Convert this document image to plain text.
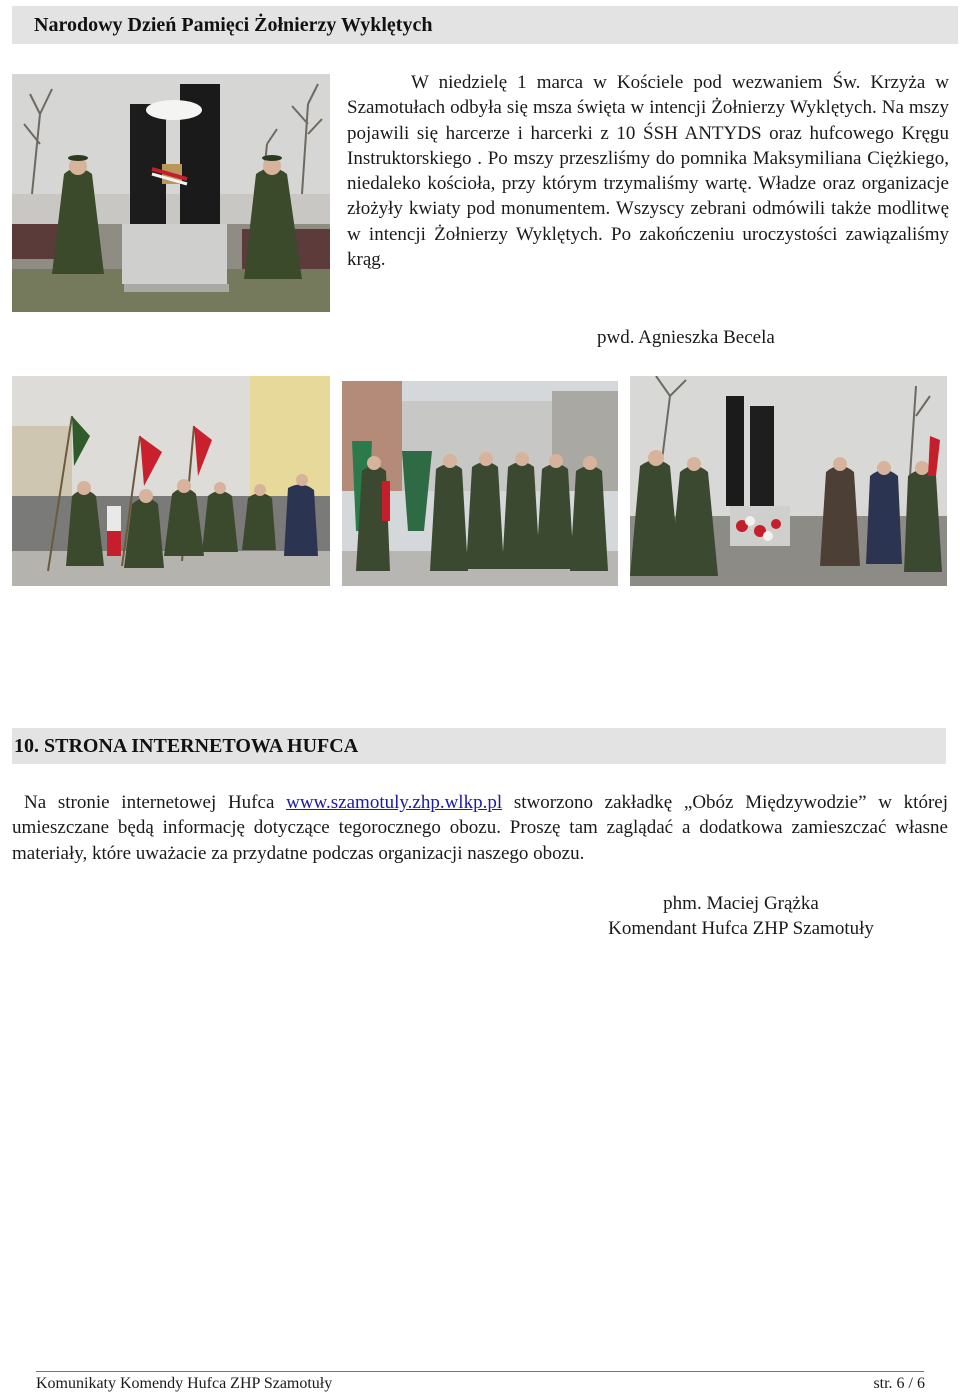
Narodowy Dzień Pamięci Żołnierzy Wyklętych

W niedzielę 1 marca w Kościele pod wezwaniem Św. Krzyża w Szamotułach odbyła się msza święta w intencji Żołnierzy Wyklętych. Na mszy pojawili się harcerze i harcerki z 10 ŚSH ANTYDS oraz hufcowego Kręgu Instruktorskiego . Po mszy przeszliśmy do pomnika Maksymiliana Ciężkiego, niedaleko kościoła, przy którym trzymaliśmy wartę. Władze oraz organizacje złożyły kwiaty pod monumentem. Wszyscy zebrani odmówili także modlitwę w intencji Żołnierzy Wyklętych. Po zakończeniu uroczystości zawiązaliśmy krąg.

pwd. Agnieszka Becela

10. STRONA INTERNETOWA HUFCA

Na stronie internetowej Hufca www.szamotuly.zhp.wlkp.pl stworzono zakładkę „Obóz Międzywodzie” w której umieszczane będą informację dotyczące tegorocznego obozu. Proszę tam zaglądać a dodatkowa zamieszczać własne materiały, które uważacie za przydatne podczas organizacji naszego obozu.

phm. Maciej Grążka
Komendant Hufca ZHP Szamotuły

Komunikaty Komendy Hufca ZHP Szamotuły	str. 6 / 6
